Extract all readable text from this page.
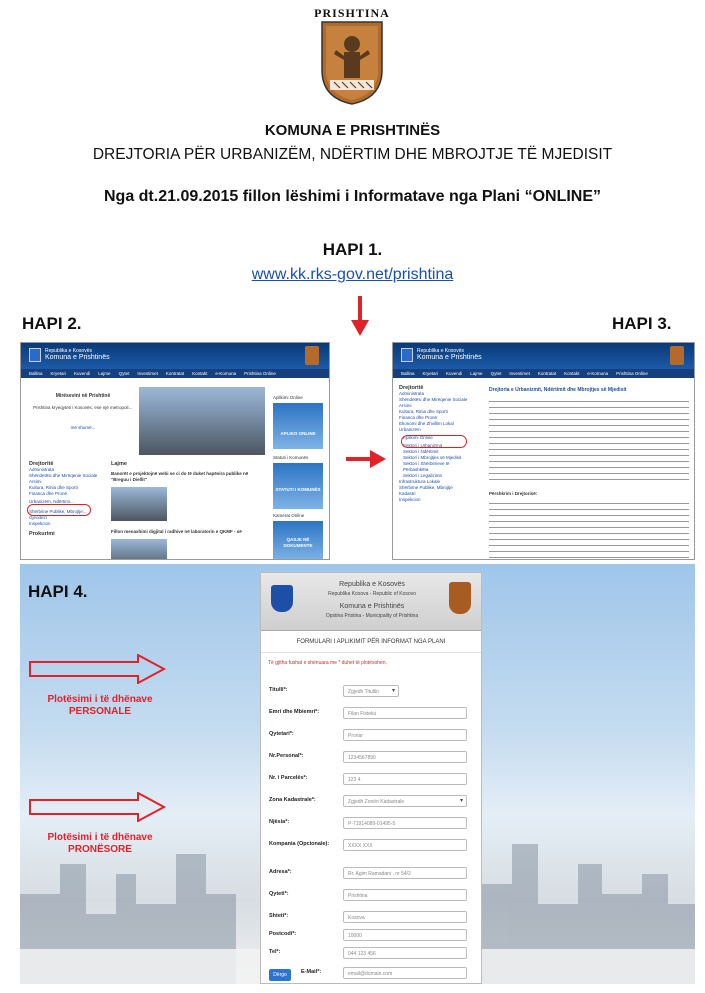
PRISHTINA
KOMUNA E PRISHTINËS
DREJTORIA PËR URBANIZËM, NDËRTIM DHE MBROJTJE TË MJEDISIT
Nga dt.21.09.2015 fillon lëshimi i Informatave nga Plani “ONLINE”
HAPI 1.
www.kk.rks-gov.net/prishtina
HAPI 2.	HAPI 3.
Republika e Kosovës
Komuna e Prishtinës
Ballina Kryetari Kuvendi Lajme Qytet Investimet Kontratat Kontakt e-Komuna Prishtina Online
Mirësevini në Prishtinë
Prishtina kryeqyteti i Kosovës, ese një metropoli...
më shumë...
Aplikimi Online
APLIKO ONLINE
Statuti i Komunës
STATUTI I KOMUNËS
Kamerat Online
QASJE NË DOKUMENTE
Drejtoritë
Administrata
Shëndetësi dhe Mirëqenie Sociale
Arsimi
Kultura, Rinia dhe Sporti
Financa dhe Pronë
Urbanizëm, Ndërtimi...
Shërbime Publike, Mbrojtje...
Gjeodezi
Inspekcion
Prokurimi
Lajme
Banorët e projektojnë webi se ci do të duket hapësira publike në "Breguu i Diellit"
Fillon menaxhimi digjital i radhive në laboratorin e QKMF - së
Republika e Kosovës
Komuna e Prishtinës
Ballina Kryetari Kuvendi Lajme Qytet Investimet Kontratat Kontakt e-Komuna Prishtina Online
Drejtoritë
Administrata
Shëndetësi dhe Mirëqenie Sociale
Arsimi
Kultura, Rinia dhe Sporti
Financa dhe Pronë
Ekonomi dhe Zhvillim Lokal
Urbanizëm
Aplikimi Online
Sektori i Urbanizmit
Sektori i Ndërtimit
Sektori i Mbrojtjes së Mjedisit
Sektori i Shërbimeve të Përbashkëta
Sektori i Legalizimit
Infrastruktura Lokale
Shërbime Publike, Mbrojtje
Kadastri
Inspekcion
Drejtoria e Urbanizmit, Ndërtimit dhe Mbrojtjes së Mjedisit
Përshkrim i Drejtorisë:
HAPI 4.
Plotësimi i të dhënave
PERSONALE
Plotësimi i të dhënave
PRONËSORE
Republika e Kosovës
Republika Kosova - Republic of Kosovo
Komuna e Prishtinës
Opstina Pristina - Municipality of Prishtina
FORMULARI I APLIKIMIT PËR INFORMAT NGA PLANI
Të gjitha fushat e shënuara me * duhet të plotësohen.
Titulli*:	Zgjedh Titullin ▾
Emri dhe Mbiemri*:	Filan Fisteku
Qytetari*:	Pronar
Nr.Personal*:	1234567890
Nr. i Parcelës*:	123 4
Zona Kadastrale*:	Zgjedh Zonën Kadastrale ▾
Njësia*:	P-71914089-01495-5
Kompania (Opcionale):	XXXX XXX
Adresa*:	Rr. Agim Ramadani , nr 54/2
Qyteti*:	Prishtina
Shteti*:	Kosova
Postcodi*:	10000
Tel*:	044 123 456
Dërgo	E-Mail*:	email@domain.com
